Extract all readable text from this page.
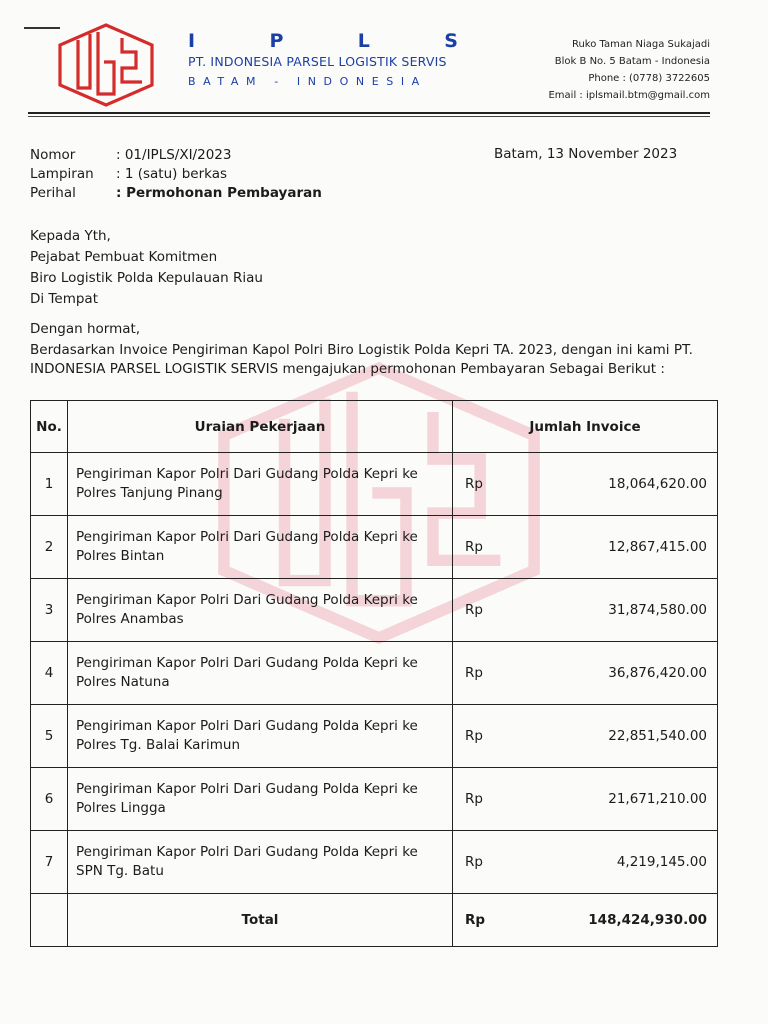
I	P	L	S
PT. INDONESIA PARSEL LOGISTIK SERVIS
BATAM - INDONESIA
Ruko Taman Niaga Sukajadi
Blok B No. 5 Batam - Indonesia
Phone : (0778) 3722605
Email : iplsmail.btm@gmail.com
Nomor	: 01/IPLS/XI/2023
Lampiran	: 1 (satu) berkas
Perihal	: Permohonan Pembayaran
Batam, 13 November 2023
Kepada Yth,
Pejabat Pembuat Komitmen
Biro Logistik Polda Kepulauan Riau
Di Tempat

Dengan hormat,

Berdasarkan Invoice Pengiriman Kapol Polri Biro Logistik Polda Kepri TA. 2023, dengan ini kami PT. INDONESIA PARSEL LOGISTIK SERVIS mengajukan permohonan Pembayaran Sebagai Berikut :

No.	Uraian Pekerjaan	Jumlah Invoice
1	Pengiriman Kapor Polri Dari Gudang Polda Kepri ke Polres Tanjung Pinang	Rp 18,064,620.00

2	Pengiriman Kapor Polri Dari Gudang Polda Kepri ke Polres Bintan	Rp 12,867,415.00

3	Pengiriman Kapor Polri Dari Gudang Polda Kepri ke Polres Anambas	Rp 31,874,580.00

4	Pengiriman Kapor Polri Dari Gudang Polda Kepri ke Polres Natuna	Rp 36,876,420.00

5	Pengiriman Kapor Polri Dari Gudang Polda Kepri ke Polres Tg. Balai Karimun	Rp 22,851,540.00

6	Pengiriman Kapor Polri Dari Gudang Polda Kepri ke Polres Lingga	Rp 21,671,210.00

7	Pengiriman Kapor Polri Dari Gudang Polda Kepri ke SPN Tg. Batu	Rp 4,219,145.00

	Total	Rp 148,424,930.00
